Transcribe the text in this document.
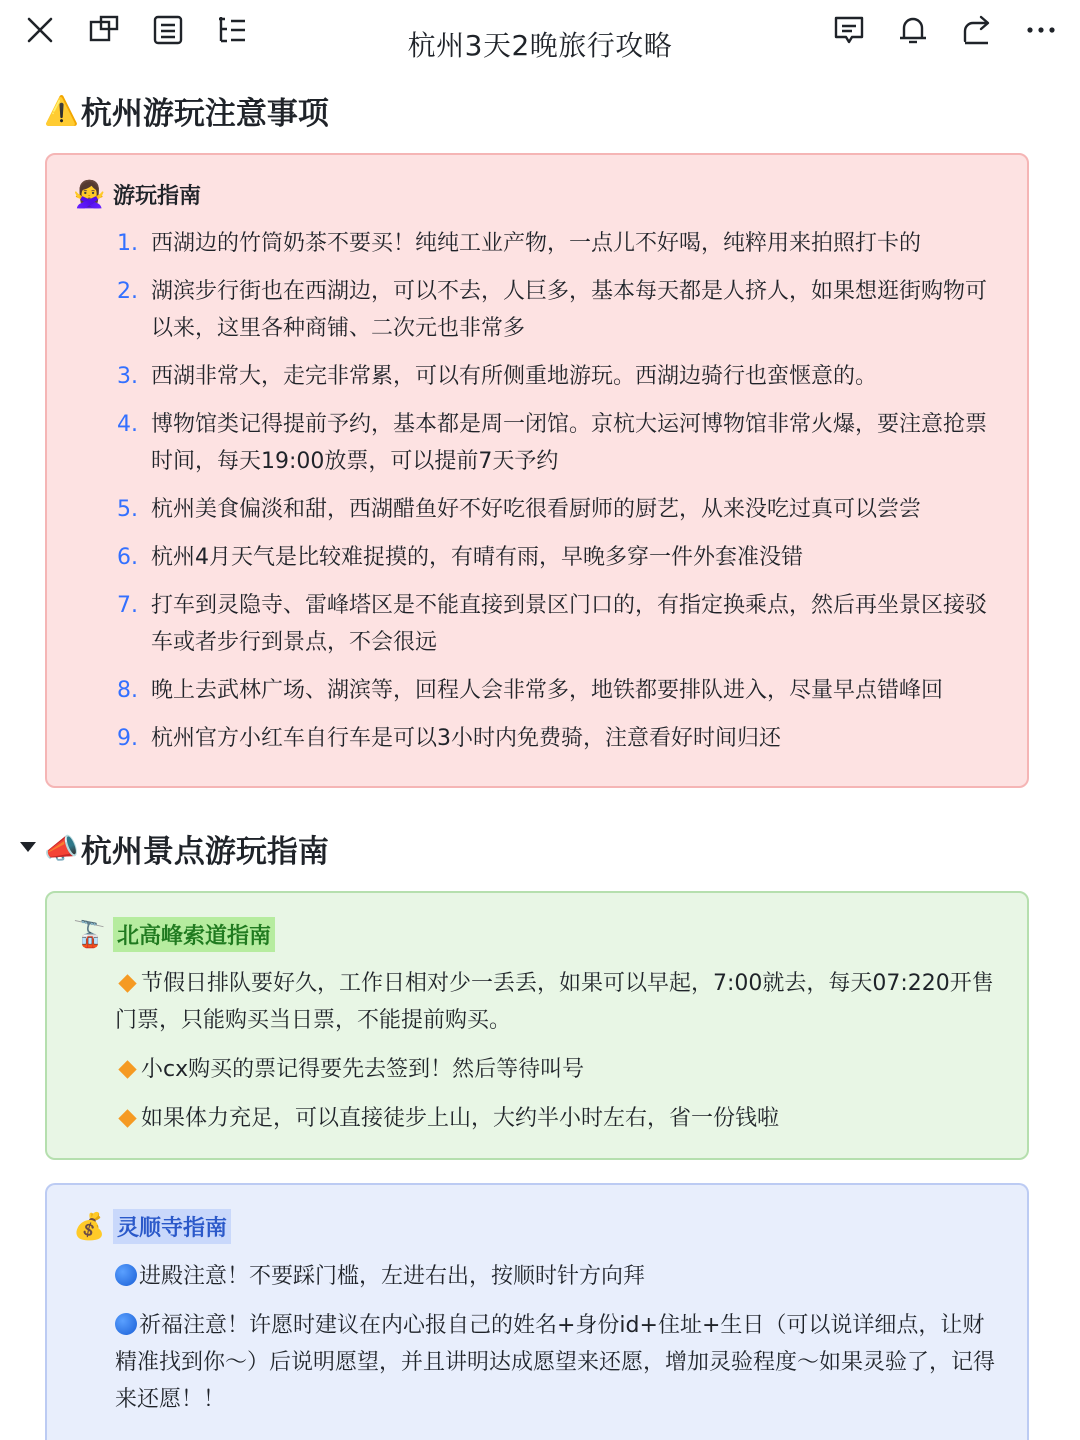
杭州3天2晚旅行攻略
⚠️ 杭州游玩注意事项
🙅‍♀️ 游玩指南
1. 西湖边的竹筒奶茶不要买！纯纯工业产物，一点儿不好喝，纯粹用来拍照打卡的
2. 湖滨步行街也在西湖边，可以不去，人巨多，基本每天都是人挤人，如果想逛街购物可以来，这里各种商铺、二次元也非常多
3. 西湖非常大，走完非常累，可以有所侧重地游玩。西湖边骑行也蛮惬意的。
4. 博物馆类记得提前予约，基本都是周一闭馆。京杭大运河博物馆非常火爆，要注意抢票时间，每天19:00放票，可以提前7天予约
5. 杭州美食偏淡和甜，西湖醋鱼好不好吃很看厨师的厨艺，从来没吃过真可以尝尝
6. 杭州4月天气是比较难捉摸的，有晴有雨，早晚多穿一件外套准没错
7. 打车到灵隐寺、雷峰塔区是不能直接到景区门口的，有指定换乘点，然后再坐景区接驳车或者步行到景点，不会很远
8. 晚上去武林广场、湖滨等，回程人会非常多，地铁都要排队进入，尽量早点错峰回
9. 杭州官方小红车自行车是可以3小时内免费骑，注意看好时间归还
📣 杭州景点游玩指南
🚡 北高峰索道指南
节假日排队要好久，工作日相对少一丢丢，如果可以早起，7:00就去，每天07:220开售门票，只能购买当日票，不能提前购买。
小cx购买的票记得要先去签到！然后等待叫号
如果体力充足，可以直接徒步上山，大约半小时左右，省一份钱啦
💰 灵顺寺指南
进殿注意！不要踩门槛，左进右出，按顺时针方向拜
祈福注意！许愿时建议在内心报自己的姓名+身份id+住址+生日（可以说详细点，让财精准找到你～）后说明愿望，并且讲明达成愿望来还愿，增加灵验程度～如果灵验了，记得来还愿！！
